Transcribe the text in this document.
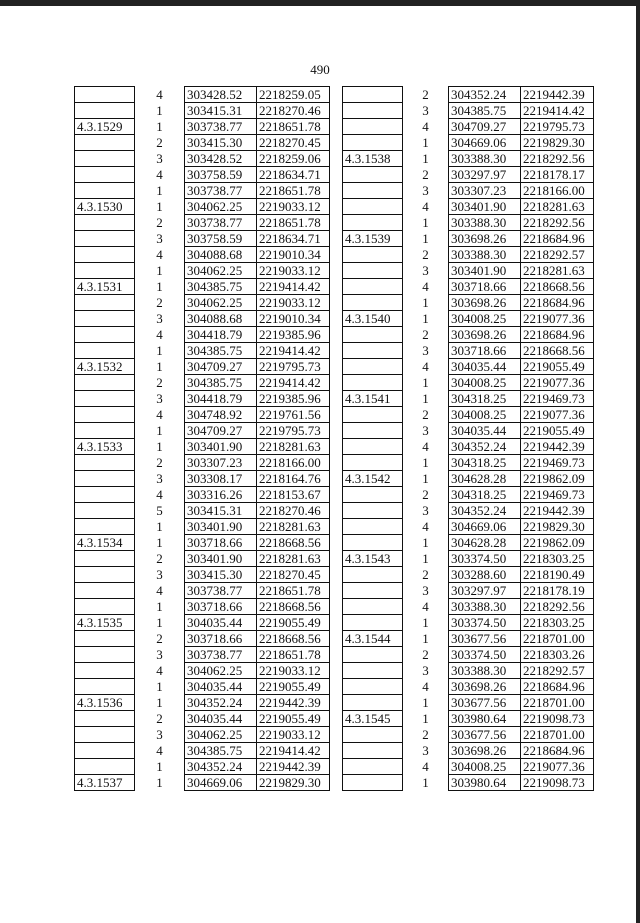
490
	4	303428.52	2218259.05
	1	303415.31	2218270.46
4.3.1529	1	303738.77	2218651.78
	2	303415.30	2218270.45
	3	303428.52	2218259.06
	4	303758.59	2218634.71
	1	303738.77	2218651.78
4.3.1530	1	304062.25	2219033.12
	2	303738.77	2218651.78
	3	303758.59	2218634.71
	4	304088.68	2219010.34
	1	304062.25	2219033.12
4.3.1531	1	304385.75	2219414.42
	2	304062.25	2219033.12
	3	304088.68	2219010.34
	4	304418.79	2219385.96
	1	304385.75	2219414.42
4.3.1532	1	304709.27	2219795.73
	2	304385.75	2219414.42
	3	304418.79	2219385.96
	4	304748.92	2219761.56
	1	304709.27	2219795.73
4.3.1533	1	303401.90	2218281.63
	2	303307.23	2218166.00
	3	303308.17	2218164.76
	4	303316.26	2218153.67
	5	303415.31	2218270.46
	1	303401.90	2218281.63
4.3.1534	1	303718.66	2218668.56
	2	303401.90	2218281.63
	3	303415.30	2218270.45
	4	303738.77	2218651.78
	1	303718.66	2218668.56
4.3.1535	1	304035.44	2219055.49
	2	303718.66	2218668.56
	3	303738.77	2218651.78
	4	304062.25	2219033.12
	1	304035.44	2219055.49
4.3.1536	1	304352.24	2219442.39
	2	304035.44	2219055.49
	3	304062.25	2219033.12
	4	304385.75	2219414.42
	1	304352.24	2219442.39
4.3.1537	1	304669.06	2219829.30
	2	304352.24	2219442.39
	3	304385.75	2219414.42
	4	304709.27	2219795.73
	1	304669.06	2219829.30
4.3.1538	1	303388.30	2218292.56
	2	303297.97	2218178.17
	3	303307.23	2218166.00
	4	303401.90	2218281.63
	1	303388.30	2218292.56
4.3.1539	1	303698.26	2218684.96
	2	303388.30	2218292.57
	3	303401.90	2218281.63
	4	303718.66	2218668.56
	1	303698.26	2218684.96
4.3.1540	1	304008.25	2219077.36
	2	303698.26	2218684.96
	3	303718.66	2218668.56
	4	304035.44	2219055.49
	1	304008.25	2219077.36
4.3.1541	1	304318.25	2219469.73
	2	304008.25	2219077.36
	3	304035.44	2219055.49
	4	304352.24	2219442.39
	1	304318.25	2219469.73
4.3.1542	1	304628.28	2219862.09
	2	304318.25	2219469.73
	3	304352.24	2219442.39
	4	304669.06	2219829.30
	1	304628.28	2219862.09
4.3.1543	1	303374.50	2218303.25
	2	303288.60	2218190.49
	3	303297.97	2218178.19
	4	303388.30	2218292.56
	1	303374.50	2218303.25
4.3.1544	1	303677.56	2218701.00
	2	303374.50	2218303.26
	3	303388.30	2218292.57
	4	303698.26	2218684.96
	1	303677.56	2218701.00
4.3.1545	1	303980.64	2219098.73
	2	303677.56	2218701.00
	3	303698.26	2218684.96
	4	304008.25	2219077.36
	1	303980.64	2219098.73
